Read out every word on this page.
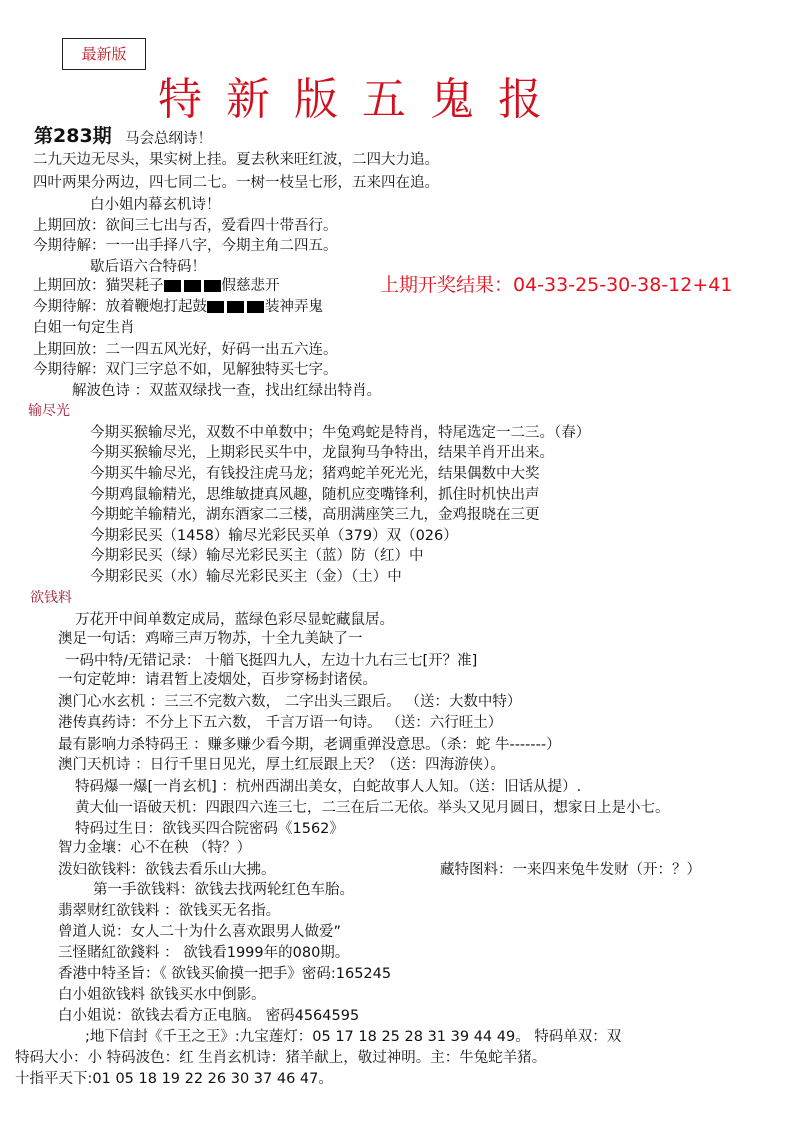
最新版
特新版五鬼报
第283期 马会总纲诗！
上期开奖结果：04-33-25-30-38-12+41
二九天边无尽头，果实树上挂。夏去秋来旺红波，二四大力追。
四叶两果分两边，四七同二七。一树一枝呈七形，五来四在追。
白小姐内幕玄机诗！
上期回放：欲间三七出与否，爱看四十带吾行。
今期待解：一一出手择八字，今期主角二四五。
歇后语六合特码！
上期回放：猫哭耗子	假慈悲开
今期待解：放着鞭炮打起鼓	装神弄鬼
白姐一句定生肖
上期回放：二一四五风光好，好码一出五六连。
今期待解：双门三字总不如，见解独特买七字。
解波色诗 ：双蓝双绿找一查，找出红绿出特肖。
输尽光
今期买猴输尽光，双数不中单数中；牛兔鸡蛇是特肖，特尾选定一二三。（春）
今期买猴输尽光，上期彩民买牛中，龙鼠狗马争特出，结果羊肖开出来。
今期买牛输尽光，有钱投注虎马龙；猪鸡蛇羊死光光，结果偶数中大奖
今期鸡鼠输精光，思维敏捷真风趣，随机应变嘴锋利，抓住时机快出声
今期蛇羊输精光，湖东酒家二三楼，高朋满座笑三九，金鸡报晓在三更
今期彩民买（1458）输尽光彩民买单（379）双（026）
今期彩民买（绿）输尽光彩民买主（蓝）防（红）中
今期彩民买（水）输尽光彩民买主（金）（土）中
欲钱料
万花开中间单数定成局，蓝绿色彩尽显蛇藏鼠居。
澳足一句话：鸡啼三声万物苏，十全九美缺了一
一码中特/无错记录： 十艏飞挺四九人，左边十九右三七[开？准]
一句定乾坤：请君暂上凌烟处，百步穿杨封诸侯。
澳门心水玄机 ：三三不完数六数， 二字出头三跟后。 （送：大数中特）
港传真药诗：不分上下五六数， 千言万语一句诗。 （送：六行旺土）
最有影响力杀特码王 ：赚多赚少看今期，老调重弹没意思。（杀：蛇 牛-------）
澳门天机诗 ：日行千里日见光，厚土红辰跟上天？（送：四海游侠）。
特码爆一爆[一肖玄机] ：杭州西湖出美女，白蛇故事人人知。（送：旧话从提）.
黄大仙一语破天机：四跟四六连三七，二三在后二无依。举头又见月圆日，想家日上是小七。
特码过生日：欲钱买四合院密码《1562》
智力金壤：心不在秧 （特？）
泼妇欲钱料：欲钱去看乐山大拂。	藏特图料：一来四来兔牛发财（开：？）
第一手欲钱料：欲钱去找两轮红色车胎。
翡翠财红欲钱料 ：欲钱买无名指。
曾道人说：女人二十为什么喜欢跟男人做爱”
三怪賭紅欲錢料 ： 欲钱看1999年的080期。
香港中特圣旨：《 欲钱买偷摸一把手》密码:165245
白小姐欲钱料 欲钱买水中倒影。
白小姐说：欲钱去看方正电脑。 密码4564595
;地下信封《千王之王》:九宝莲灯：05 17 18 25 28 31 39 44 49。 特码单双：双
特码大小：小 特码波色：红 生肖玄机诗：猪羊献上，敬过神明。主：牛兔蛇羊猪。
十指平天下:01 05 18 19 22 26 30 37 46 47。
